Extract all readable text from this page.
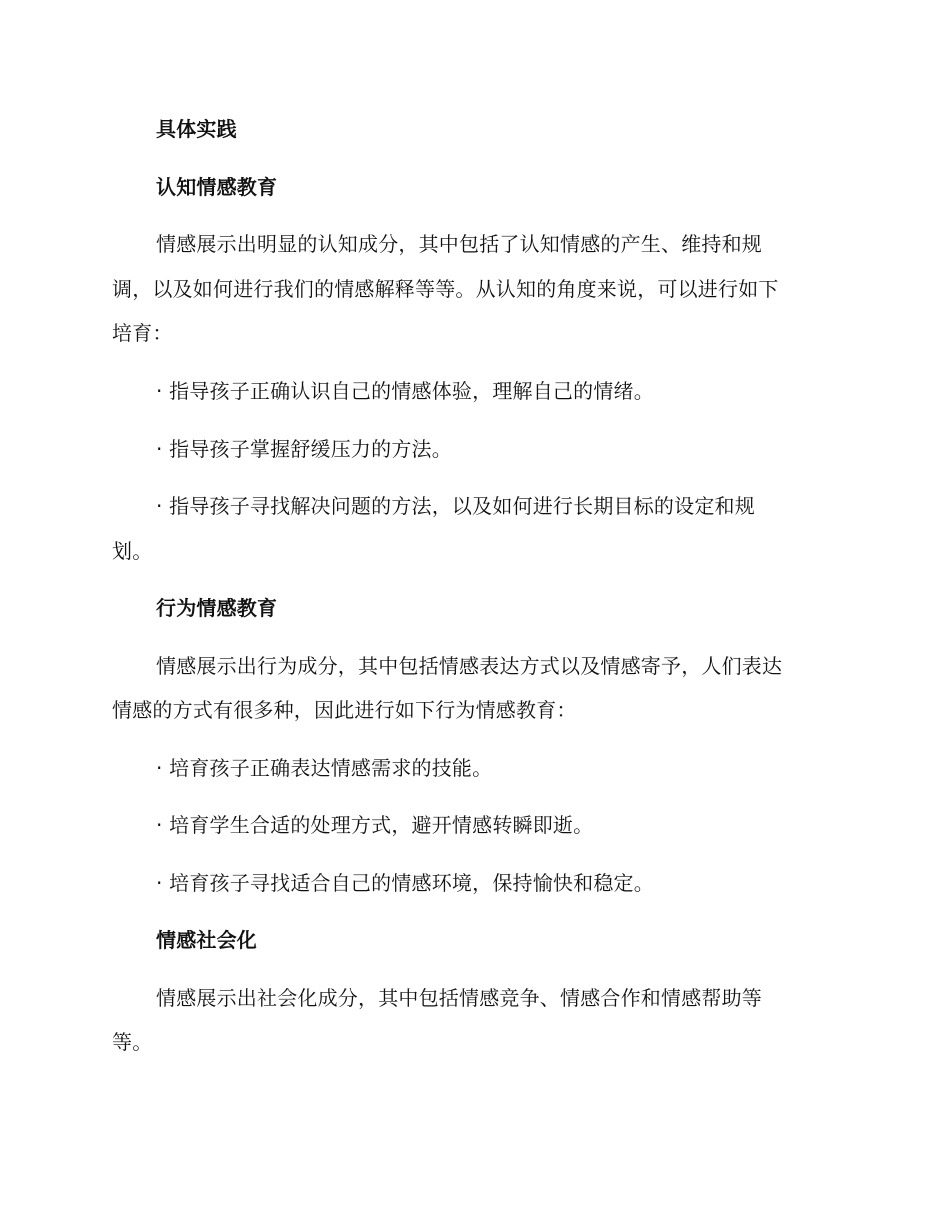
具体实践
认知情感教育
情感展示出明显的认知成分，其中包括了认知情感的产生、维持和规
调，以及如何进行我们的情感解释等等。从认知的角度来说，可以进行如下
培育：
· 指导孩子正确认识自己的情感体验，理解自己的情绪。
· 指导孩子掌握舒缓压力的方法。
· 指导孩子寻找解决问题的方法，以及如何进行长期目标的设定和规
划。
行为情感教育
情感展示出行为成分，其中包括情感表达方式以及情感寄予，人们表达
情感的方式有很多种，因此进行如下行为情感教育：
· 培育孩子正确表达情感需求的技能。
· 培育学生合适的处理方式，避开情感转瞬即逝。
· 培育孩子寻找适合自己的情感环境，保持愉快和稳定。
情感社会化
情感展示出社会化成分，其中包括情感竞争、情感合作和情感帮助等
等。
